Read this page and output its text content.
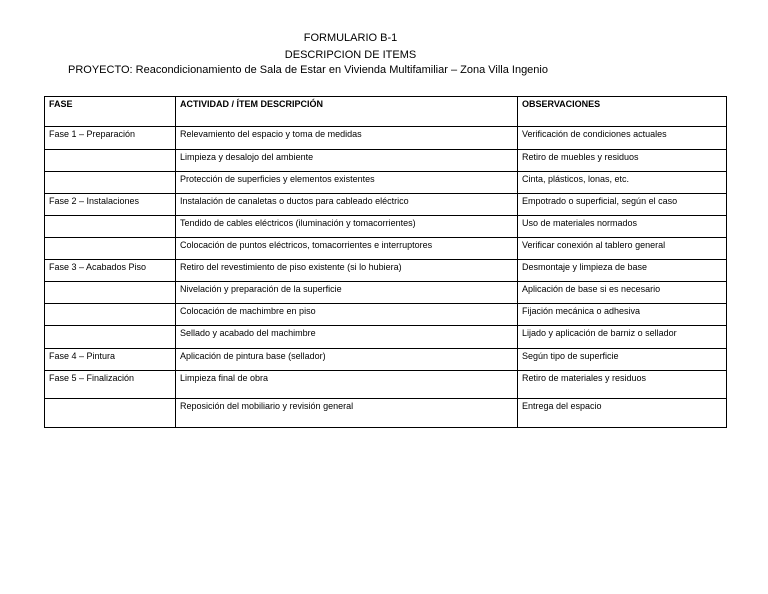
FORMULARIO B-1
DESCRIPCION DE ITEMS
PROYECTO: Reacondicionamiento de Sala de Estar en Vivienda Multifamiliar – Zona Villa Ingenio
FASE	ACTIVIDAD / ÍTEM DESCRIPCIÓN	OBSERVACIONES
Fase 1 – Preparación	Relevamiento del espacio y toma de medidas	Verificación de condiciones actuales
	Limpieza y desalojo del ambiente	Retiro de muebles y residuos
	Protección de superficies y elementos existentes	Cinta, plásticos, lonas, etc.
Fase 2 – Instalaciones	Instalación de canaletas o ductos para cableado eléctrico	Empotrado o superficial, según el caso
	Tendido de cables eléctricos (iluminación y tomacorrientes)	Uso de materiales normados
	Colocación de puntos eléctricos, tomacorrientes e interruptores	Verificar conexión al tablero general
Fase 3 – Acabados Piso	Retiro del revestimiento de piso existente (si lo hubiera)	Desmontaje y limpieza de base
	Nivelación y preparación de la superficie	Aplicación de base si es necesario
	Colocación de machimbre en piso	Fijación mecánica o adhesiva
	Sellado y acabado del machimbre	Lijado y aplicación de barniz o sellador
Fase 4 – Pintura	Aplicación de pintura base (sellador)	Según tipo de superficie
Fase 5 – Finalización	Limpieza final de obra	Retiro de materiales y residuos
	Reposición del mobiliario y revisión general	Entrega del espacio
